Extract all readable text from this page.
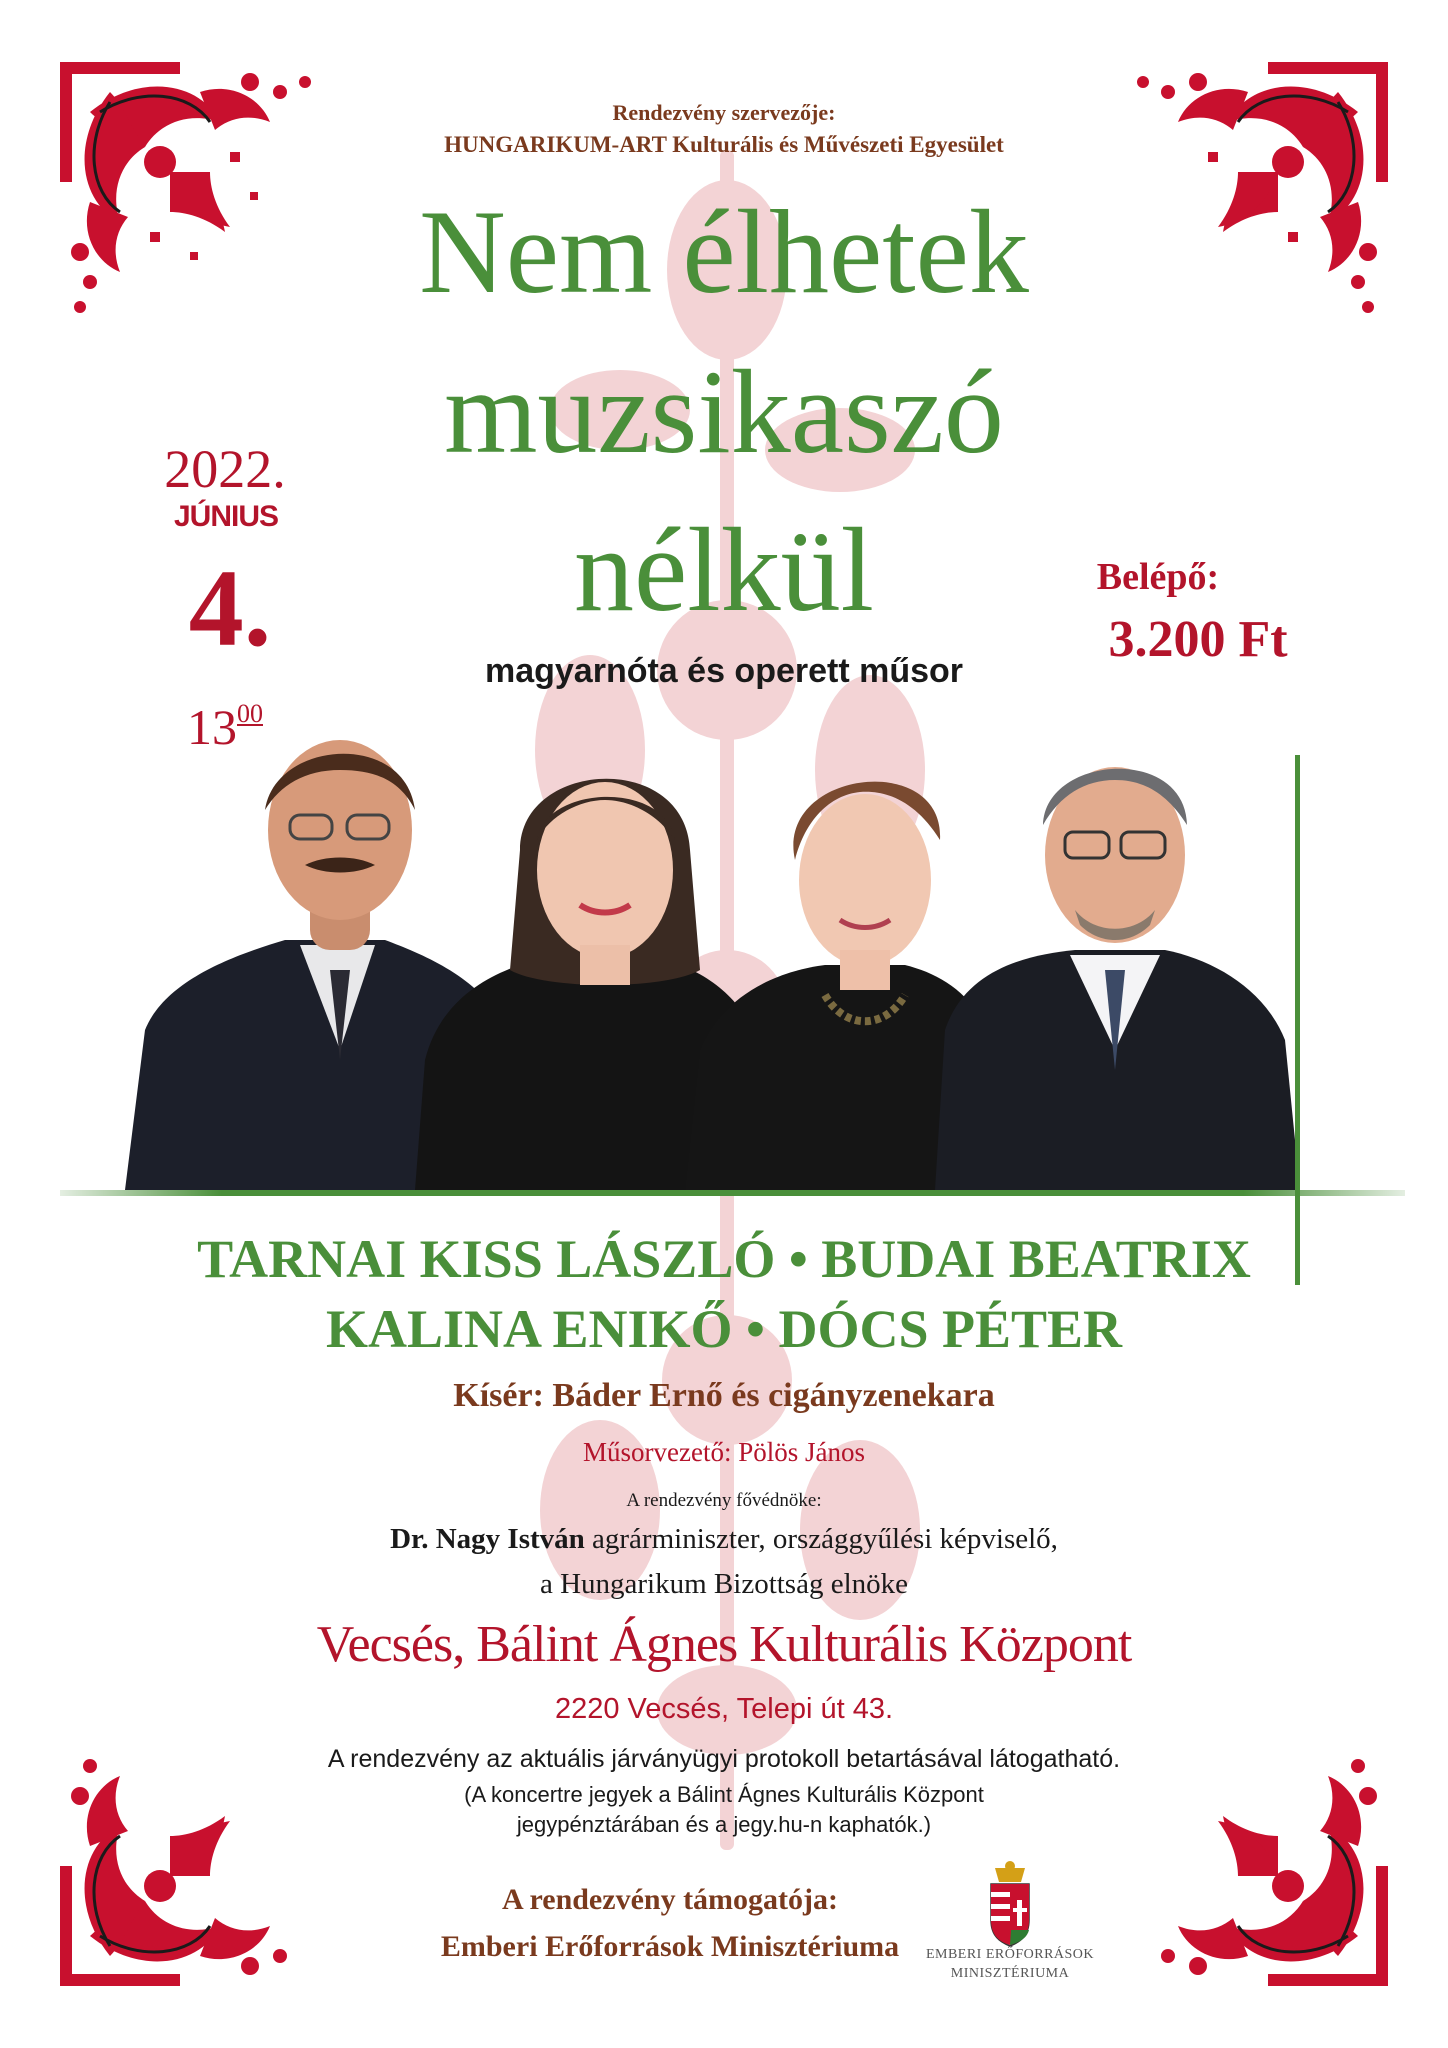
Rendezvény szervezője:
HUNGARIKUM-ART Kulturális és Művészeti Egyesület
Nem élhetek
muzsikaszó
nélkül
magyarnóta és operett műsor
2022.
JÚNIUS
4.
$13^{00}$
Belépő:
3.200 Ft
TARNAI KISS LÁSZLÓ • BUDAI BEATRIX
KALINA ENIKŐ • DÓCS PÉTER
Kísér: Báder Ernő és cigányzenekara
Műsorvezető: Pölös János
A rendezvény fővédnöke:
Dr. Nagy István agrárminiszter, országgyűlési képviselő,
a Hungarikum Bizottság elnöke
Vecsés, Bálint Ágnes Kulturális Központ
2220 Vecsés, Telepi út 43.
A rendezvény az aktuális járványügyi protokoll betartásával látogatható.
(A koncertre jegyek a Bálint Ágnes Kulturális Központ
jegypénztárában és a jegy.hu-n kaphatók.)
A rendezvény támogatója:
Emberi Erőforrások Minisztériuma	EMBERI ERŐFORRÁSOK
MINISZTÉRIUMA
